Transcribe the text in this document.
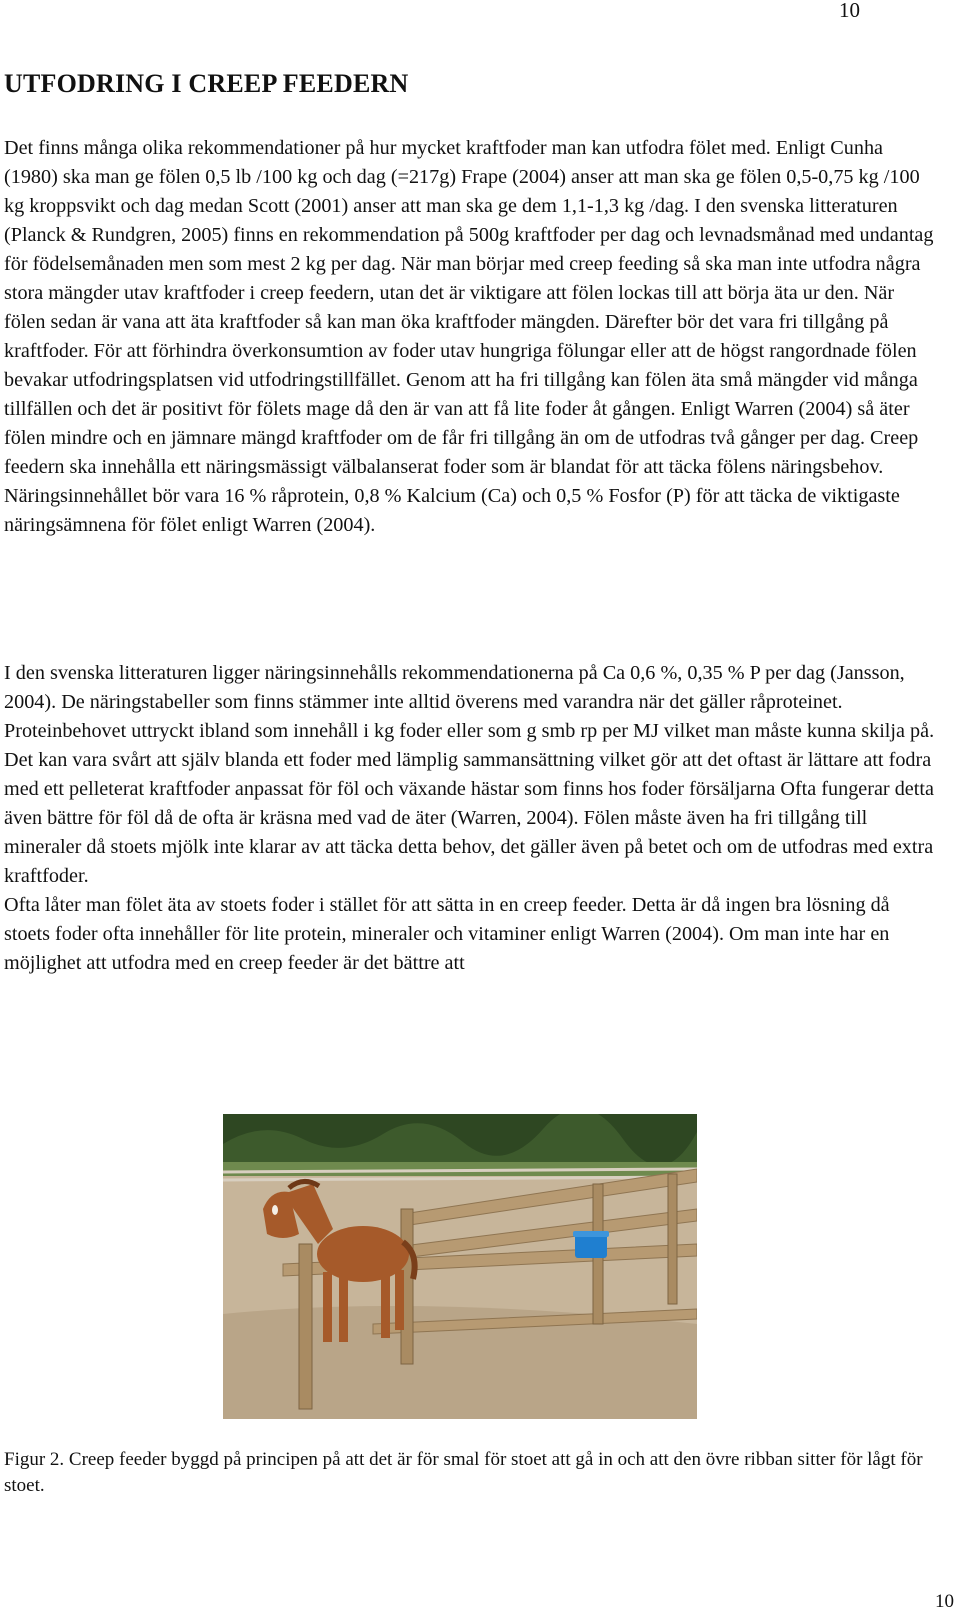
10
UTFODRING I CREEP FEEDERN

Det finns många olika rekommendationer på hur mycket kraftfoder man kan utfodra fölet med. Enligt Cunha (1980) ska man ge fölen 0,5 lb /100 kg och dag (=217g) Frape (2004) anser att man ska ge fölen 0,5-0,75 kg /100 kg kroppsvikt och dag medan Scott (2001) anser att man ska ge dem 1,1-1,3 kg /dag. I den svenska litteraturen (Planck & Rundgren, 2005) finns en rekommendation på 500g kraftfoder per dag och levnadsmånad med undantag för födelsemånaden men som mest 2 kg per dag. När man börjar med creep feeding så ska man inte utfodra några stora mängder utav kraftfoder i creep feedern, utan det är viktigare att fölen lockas till att börja äta ur den. När fölen sedan är vana att äta kraftfoder så kan man öka kraftfoder mängden. Därefter bör det vara fri tillgång på kraftfoder. För att förhindra överkonsumtion av foder utav hungriga fölungar eller att de högst rangordnade fölen bevakar utfodringsplatsen vid utfodringstillfället. Genom att ha fri tillgång kan fölen äta små mängder vid många tillfällen och det är positivt för fölets mage då den är van att få lite foder åt gången. Enligt Warren (2004) så äter fölen mindre och en jämnare mängd kraftfoder om de får fri tillgång än om de utfodras två gånger per dag. Creep feedern ska innehålla ett näringsmässigt välbalanserat foder som är blandat för att täcka fölens näringsbehov. Näringsinnehållet bör vara 16 % råprotein, 0,8 % Kalcium (Ca) och 0,5 % Fosfor (P) för att täcka de viktigaste näringsämnena för fölet enligt Warren (2004).

I den svenska litteraturen ligger näringsinnehålls rekommendationerna på Ca 0,6 %, 0,35 % P per dag (Jansson, 2004). De näringstabeller som finns stämmer inte alltid överens med varandra när det gäller råproteinet. Proteinbehovet uttryckt ibland som innehåll i kg foder eller som g smb rp per MJ vilket man måste kunna skilja på.
Det kan vara svårt att själv blanda ett foder med lämplig sammansättning vilket gör att det oftast är lättare att fodra med ett pelleterat kraftfoder anpassat för föl och växande hästar som finns hos foder försäljarna Ofta fungerar detta även bättre för föl då de ofta är kräsna med vad de äter (Warren, 2004). Fölen måste även ha fri tillgång till mineraler då stoets mjölk inte klarar av att täcka detta behov, det gäller även på betet och om de utfodras med extra kraftfoder.
Ofta låter man fölet äta av stoets foder i stället för att sätta in en creep feeder. Detta är då ingen bra lösning då stoets foder ofta innehåller för lite protein, mineraler och vitaminer enligt Warren (2004). Om man inte har en möjlighet att utfodra med en creep feeder är det bättre att

Figur 2. Creep feeder byggd på principen på att det är för smal för stoet att gå in och att den övre ribban sitter för lågt för stoet.

10
